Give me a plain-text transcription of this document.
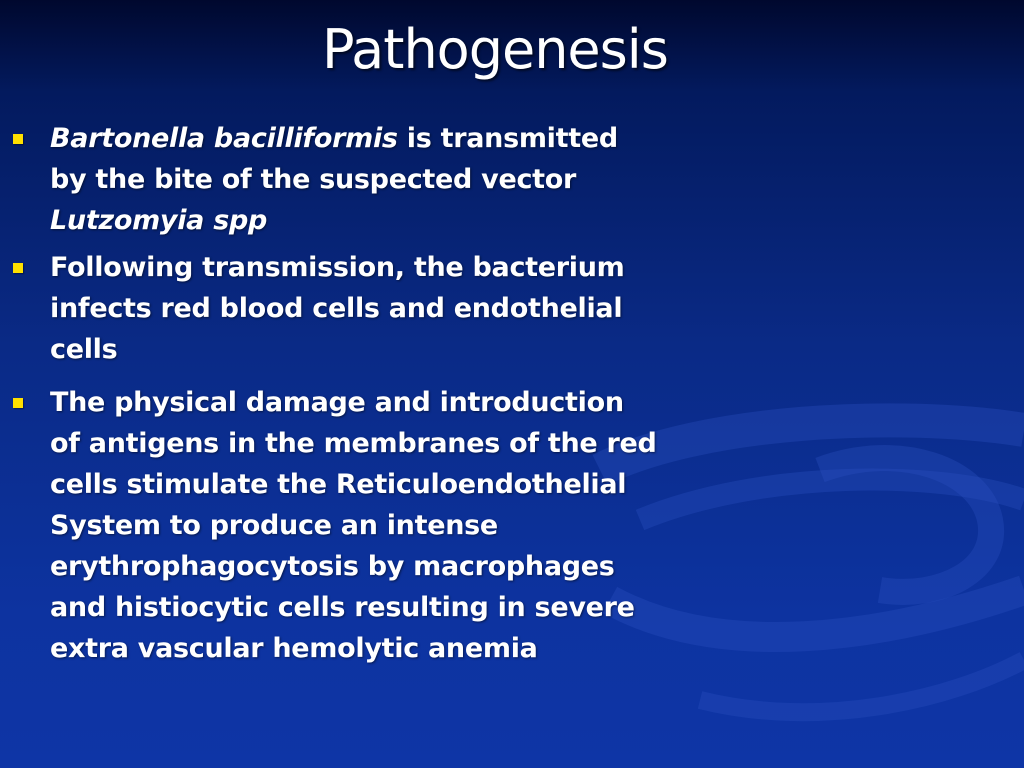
Pathogenesis
Bartonella bacilliformis is transmitted by the bite of the suspected vector Lutzomyia spp
Following transmission, the bacterium infects red blood cells and endothelial cells
The physical damage and introduction of antigens in the membranes of the red cells stimulate the Reticuloendothelial System to produce an intense erythrophagocytosis by macrophages and histiocytic cells resulting in severe extra vascular hemolytic anemia
